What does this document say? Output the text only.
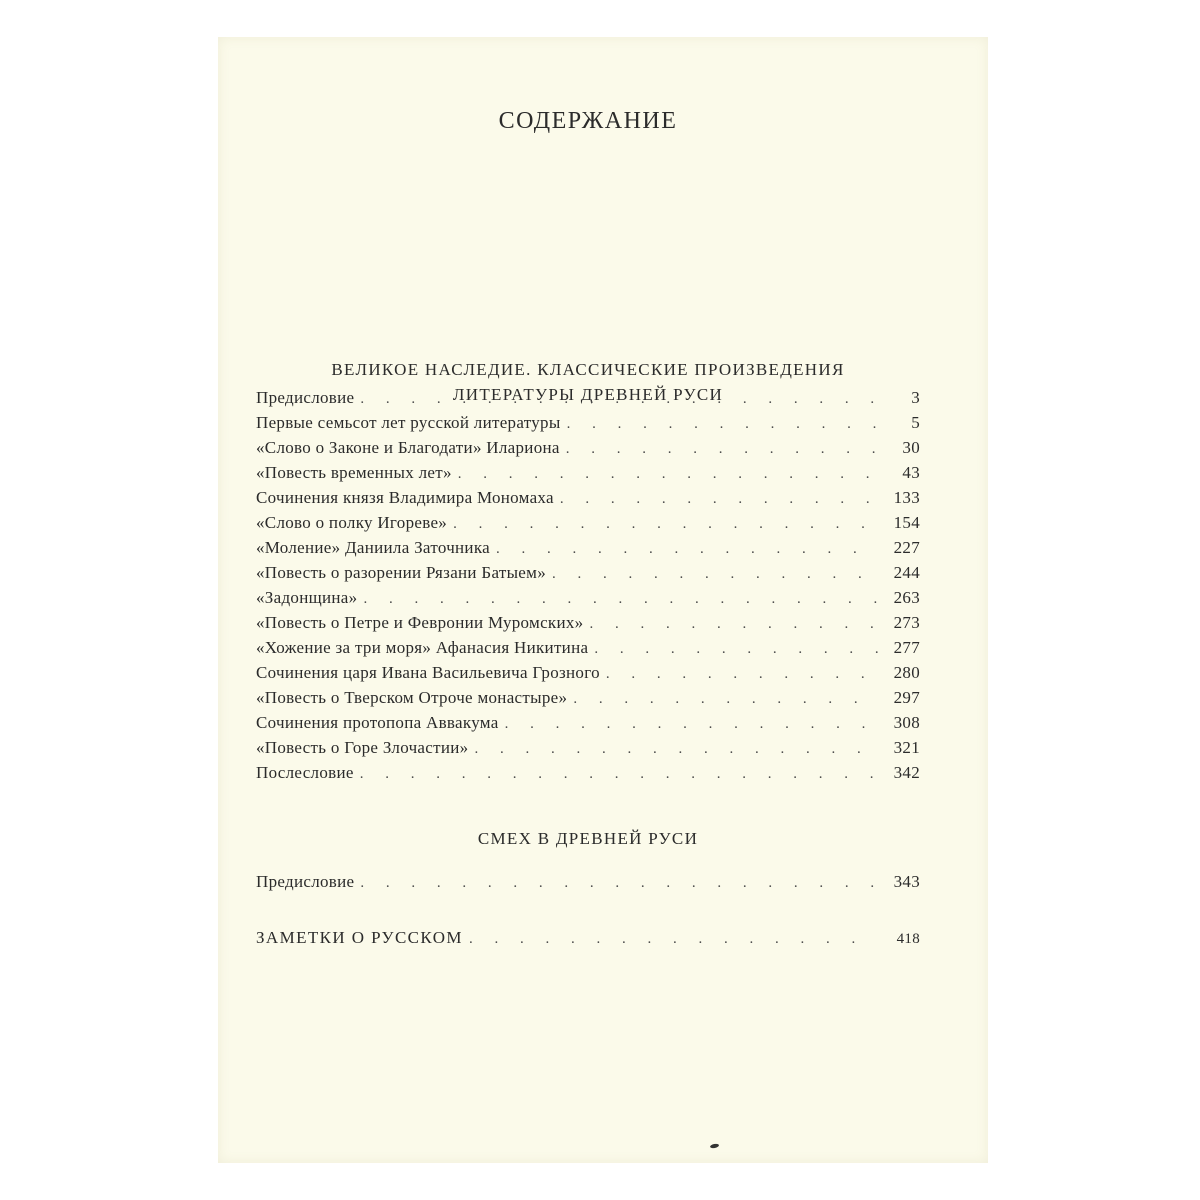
СОДЕРЖАНИЕ
ВЕЛИКОЕ НАСЛЕДИЕ. КЛАССИЧЕСКИЕ ПРОИЗВЕДЕНИЯ
ЛИТЕРАТУРЫ ДРЕВНЕЙ РУСИ
Предисловие . . .	3
Первые семьсот лет русской литературы . . .	5
«Слово о Законе и Благодати» Илариона . . .	30
«Повесть временных лет» . . .	43
Сочинения князя Владимира Мономаха . . .	133
«Слово о полку Игореве» . . .	154
«Моление» Даниила Заточника . . .	227
«Повесть о разорении Рязани Батыем» . . .	244
«Задонщина» . . .	263
«Повесть о Петре и Февронии Муромских» . . .	273
«Хожение за три моря» Афанасия Никитина . . .	277
Сочинения царя Ивана Васильевича Грозного . . .	280
«Повесть о Тверском Отроче монастыре» . . .	297
Сочинения протопопа Аввакума . . .	308
«Повесть о Горе Злочастии» . . .	321
Послесловие . . .	342
СМЕХ В ДРЕВНЕЙ РУСИ
Предисловие . . .	343
ЗАМЕТКИ О РУССКОМ . . .	418
